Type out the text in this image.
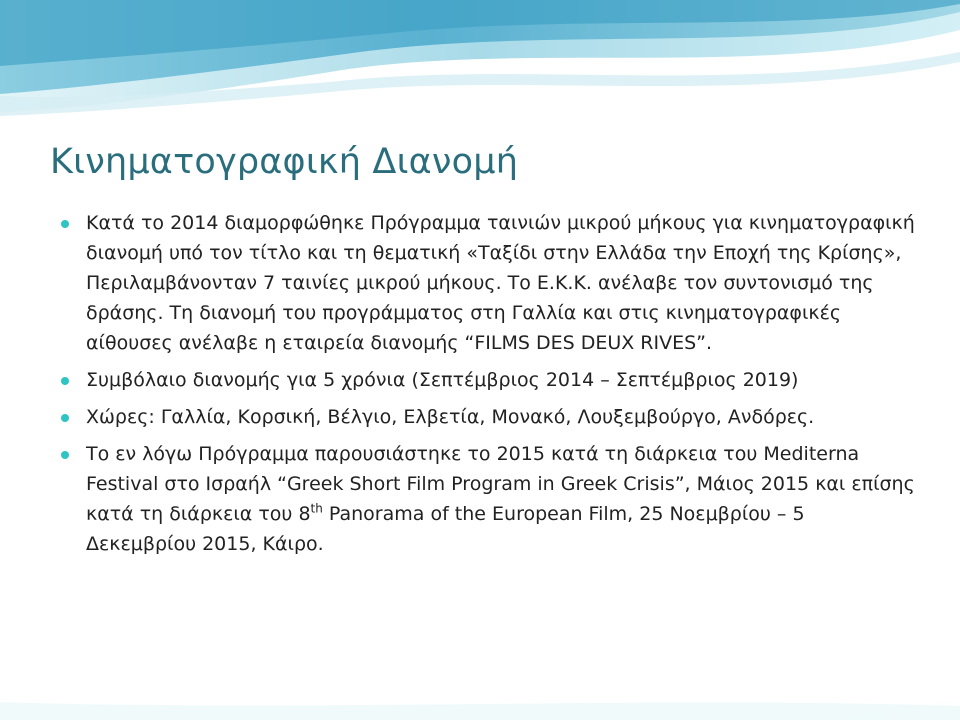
Κινηματογραφική Διανομή
Κατά το 2014 διαμορφώθηκε Πρόγραμμα ταινιών μικρού μήκους για κινηματογραφική διανομή υπό τον τίτλο και τη θεματική «Ταξίδι στην Ελλάδα την Εποχή της Κρίσης», Περιλαμβάνονταν 7 ταινίες μικρού μήκους. Το Ε.Κ.Κ. ανέλαβε τον συντονισμό της δράσης. Τη διανομή του προγράμματος στη Γαλλία και στις κινηματογραφικές αίθουσες ανέλαβε η εταιρεία διανομής “FILMS DES DEUX RIVES”.
Συμβόλαιο διανομής για 5 χρόνια (Σεπτέμβριος 2014 – Σεπτέμβριος 2019)
Χώρες: Γαλλία, Κορσική, Βέλγιο, Ελβετία, Μονακό, Λουξεμβούργο, Ανδόρες.
Το εν λόγω Πρόγραμμα παρουσιάστηκε το 2015 κατά τη διάρκεια του Mediterna Festival στο Ισραήλ “Greek Short Film Program in Greek Crisis”, Μάιος 2015 και επίσης κατά τη διάρκεια του 8th Panorama of the European Film, 25 Νοεμβρίου – 5 Δεκεμβρίου 2015, Κάιρο.
